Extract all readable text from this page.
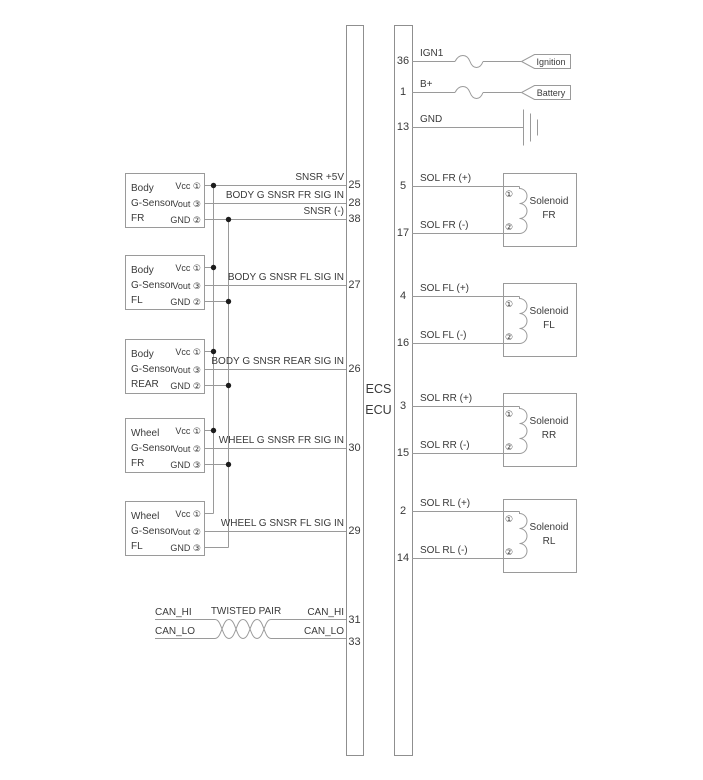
ECS
ECU
IGN1
36	Ignition
B+
1	Battery
GND
13
Body
G-Sensor
FR
Vcc ①
Vout ③
GND ②
SNSR +5V
25
BODY G SNSR FR SIG IN
28
SNSR (-)
38
Body
G-Sensor
FL
Vcc ①
Vout ③
GND ②
BODY G SNSR FL SIG IN
27
Body
G-Sensor
REAR
Vcc ①
Vout ③
GND ②
BODY G SNSR REAR SIG IN
26
Wheel
G-Sensor
FR
Vcc ①
Vout ②
GND ③
WHEEL G SNSR FR SIG IN
30
Wheel
G-Sensor
FL
Vcc ①
Vout ②
GND ③
WHEEL G SNSR FL SIG IN
29
CAN_HI
CAN_LO
TWISTED PAIR	CAN_HI
CAN_LO
31
33
SOL FR (+)
5
SOL FR (-)
17
①
②
Solenoid
FR
SOL FL (+)
4
SOL FL (-)
16
①
②
Solenoid
FL
SOL RR (+)
3
SOL RR (-)
15
①
②
Solenoid
RR
SOL RL (+)
2
SOL RL (-)
14
①
②
Solenoid
RL
